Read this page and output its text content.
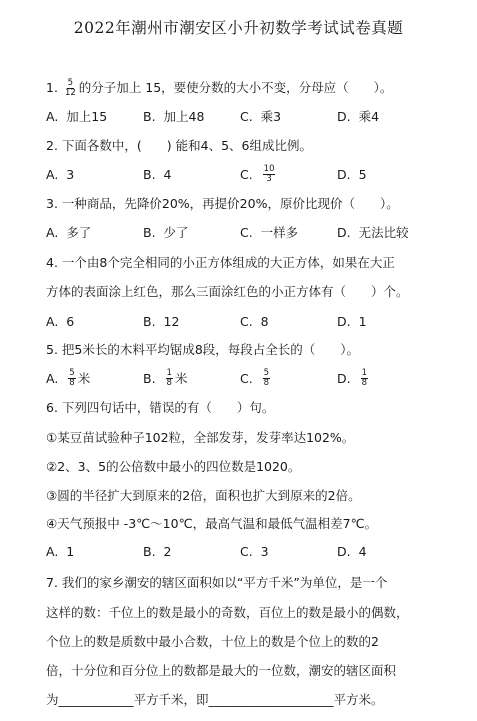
2022年潮州市潮安区小升初数学考试试卷真题
1. $\frac{5}{12}$ 的分子加上 15，要使分数的大小不变，分母应（　　）。
A.
加上15	B.
加上48	C.
乘3	D.
乘4
2. 下面各数中，(　　) 能和4、5、6组成比例。
A.
3	B.
4	C.
$\frac{10}{3}$	D.
5
3. 一种商品，先降价20%，再提价20%，原价比现价（　　）。
A.
多了	B.
少了	C.
一样多	D.
无法比较
4. 一个由8个完全相同的小正方体组成的大正方体，如果在大正
方体的表面涂上红色，那么三面涂红色的小正方体有（　　）个。
A.
6	B.
12	C.
8	D.
1
5. 把5米长的木料平均锯成8段，每段占全长的（　　）。
A.
$\frac{5}{8}$ 米	B.
$\frac{1}{8}$ 米	C.
$\frac{5}{8}$	D.
$\frac{1}{8}$
6. 下列四句话中，错误的有（　　）句。
①某豆苗试验种子102粒，全部发芽，发芽率达102%。
②2、3、5的公倍数中最小的四位数是1020。
③圆的半径扩大到原来的2倍，面积也扩大到原来的2倍。
④天气预报中 -3℃～10℃，最高气温和最低气温相差7℃。
A.
1	B.
2	C.
3	D.
4
7. 我们的家乡潮安的辖区面积如以“平方千米”为单位，是一个
这样的数：千位上的数是最小的奇数，百位上的数是最小的偶数，
个位上的数是质数中最小合数，十位上的数是个位上的数的2
倍，十分位和百分位上的数都是最大的一位数，潮安的辖区面积
为____________平方千米，即____________________平方米。
